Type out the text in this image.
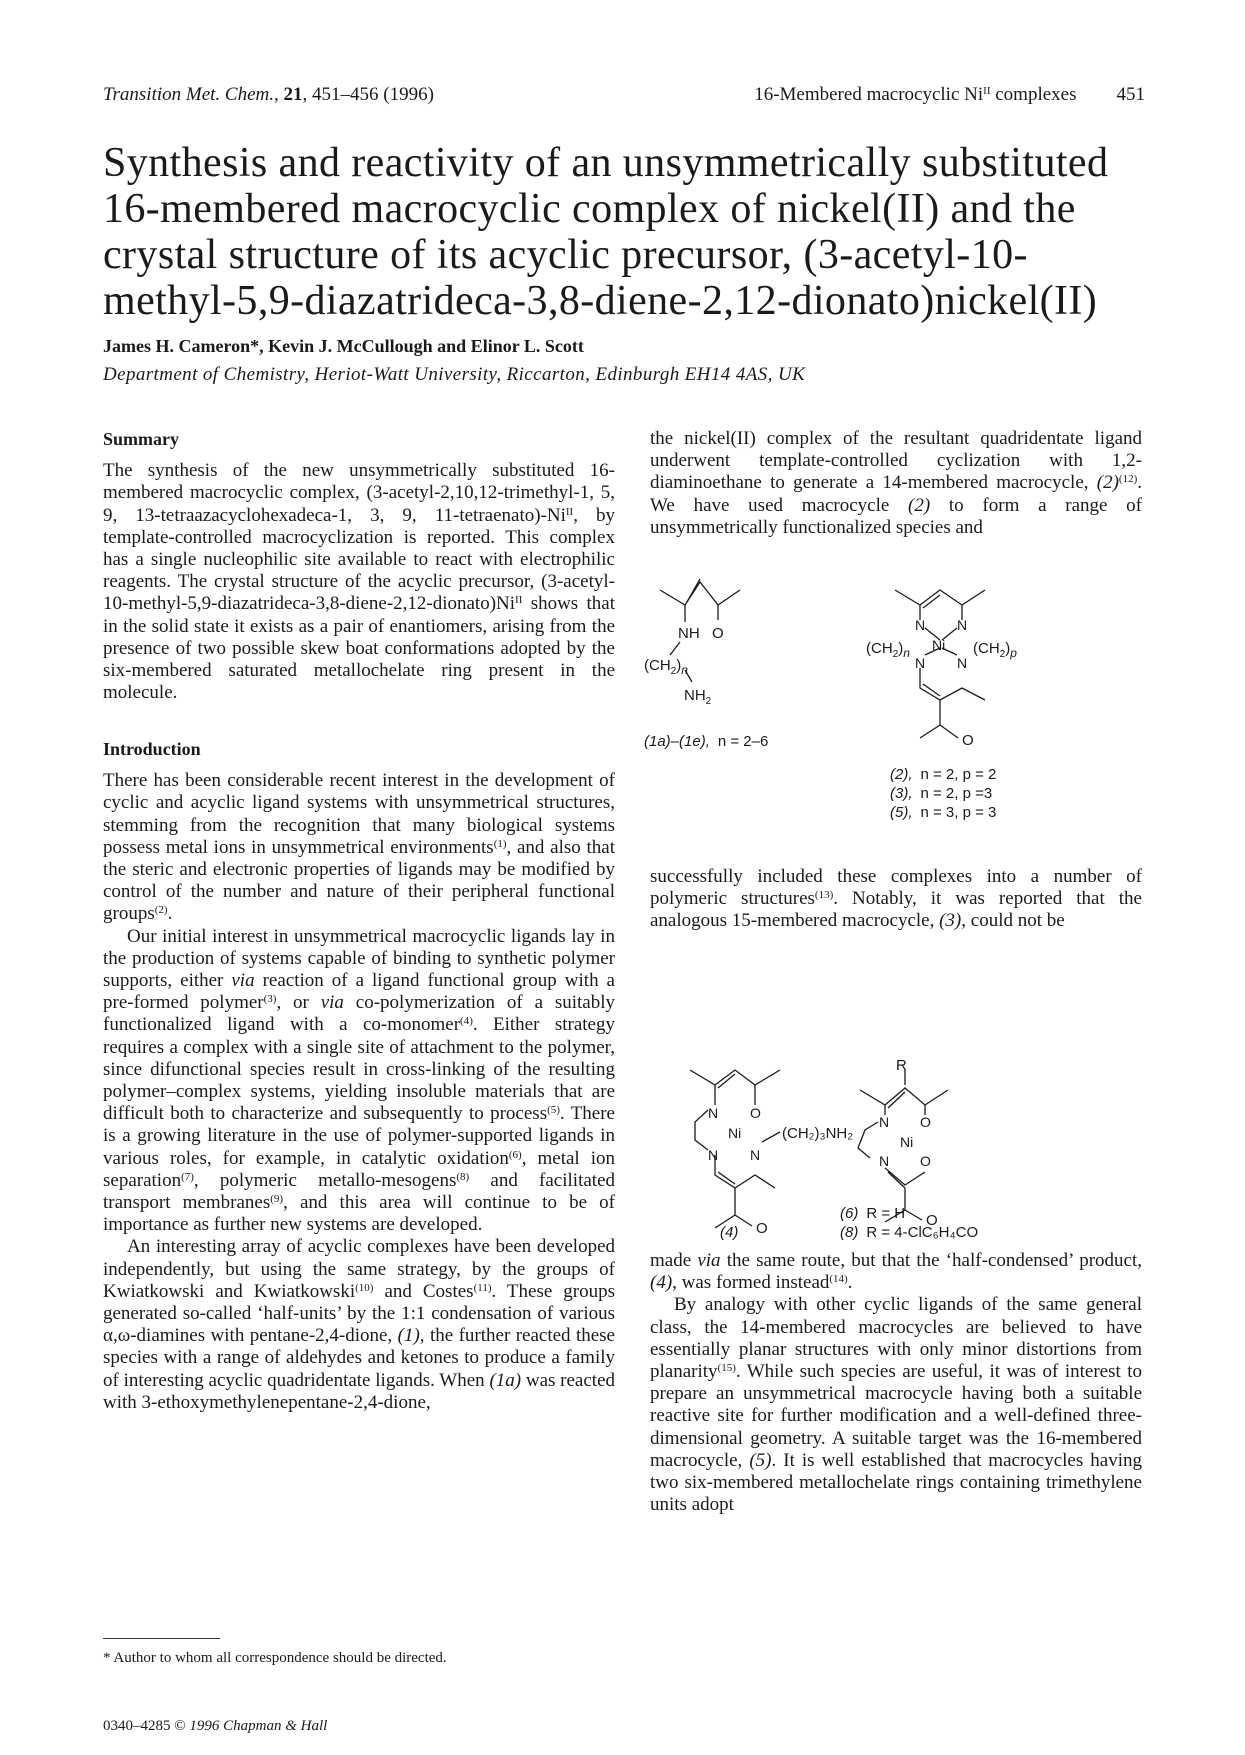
Transition Met. Chem., 21, 451–456 (1996)	16-Membered macrocyclic $Ni^{II}$ complexes 451
Synthesis and reactivity of an unsymmetrically substituted 16-membered macrocyclic complex of nickel(II) and the crystal structure of its acyclic precursor, (3-acetyl-10-methyl-5,9-diazatrideca-3,8-diene-2,12-dionato)nickel(II)
James H. Cameron*, Kevin J. McCullough and Elinor L. Scott
Department of Chemistry, Heriot-Watt University, Riccarton, Edinburgh EH14 4AS, UK

Summary

The synthesis of the new unsymmetrically substituted 16-membered macrocyclic complex, (3-acetyl-2,10,12-trimethyl-1, 5, 9, 13-tetraazacyclohexadeca-1, 3, 9, $11-tetraenato)-Ni^{II}$, by template-controlled macrocyclization is reported. This complex has a single nucleophilic site available to react with electrophilic reagents. The crystal structure of the acyclic precursor, $(3-acetyl-10-methyl-5,9-diazatrideca-3,8-diene-2,12-dionato)Ni^{II}$ shows that in the solid state it exists as a pair of enantiomers, arising from the presence of two possible skew boat conformations adopted by the six-membered saturated metallochelate ring present in the molecule.

Introduction

There has been considerable recent interest in the development of cyclic and acyclic ligand systems with unsymmetrical structures, stemming from the recognition that many biological systems possess metal ions in unsymmetrical environments$^{(1)}$, and also that the steric and electronic properties of ligands may be modified by control of the number and nature of their peripheral functional groups$^{(2)}$.

Our initial interest in unsymmetrical macrocyclic ligands lay in the production of systems capable of binding to synthetic polymer supports, either via reaction of a ligand functional group with a pre-formed polymer$^{(3)}$, or via co-polymerization of a suitably functionalized ligand with a co-monomer$^{(4)}$. Either strategy requires a complex with a single site of attachment to the polymer, since difunctional species result in cross-linking of the resulting polymer–complex systems, yielding insoluble materials that are difficult both to characterize and subsequently to process$^{(5)}$. There is a growing literature in the use of polymer-supported ligands in various roles, for example, in catalytic oxidation$^{(6)}$, metal ion separation$^{(7)}$, polymeric metallo-mesogens$^{(8)}$ and facilitated transport membranes$^{(9)}$, and this area will continue to be of importance as further new systems are developed.

An interesting array of acyclic complexes have been developed independently, but using the same strategy, by the groups of Kwiatkowski and Kwiatkowski$^{(10)}$ and Costes$^{(11)}$. These groups generated so-called ‘half-units’ by the 1:1 condensation of various α,ω-diamines with pentane-2,4-dione, (1), the further reacted these species with a range of aldehydes and ketones to produce a family of interesting acyclic quadridentate ligands. When (1a) was reacted with 3-ethoxymethylenepentane-2,4-dione,

the nickel(II) complex of the resultant quadridentate ligand underwent template-controlled cyclization with 1,2-diaminoethane to generate a 14-membered macrocycle, $(2)^{(12)}$. We have used macrocycle (2) to form a range of unsymmetrically functionalized species and

successfully included these complexes into a number of polymeric structures$^{(13)}$. Notably, it was reported that the analogous 15-membered macrocycle, (3), could not be

made via the same route, but that the ‘half-condensed’ product, (4), was formed instead$^{(14)}$.

By analogy with other cyclic ligands of the same general class, the 14-membered macrocycles are believed to have essentially planar structures with only minor distortions from planarity$^{(15)}$. While such species are useful, it was of interest to prepare an unsymmetrical macrocycle having both a suitable reactive site for further modification and a well-defined three-dimensional geometry. A suitable target was the 16-membered macrocycle, (5). It is well established that macrocycles having two six-membered metallochelate rings containing trimethylene units adopt

NH O
$(CH_2)_n$
$NH_2$
(1a)–(1e), n = 2–6
N N
Ni
N N
$(CH_2)_n$	$(CH_2)_p$
O
(2), n = 2, p = 2
(3), n = 2, p =3
(5), n = 3, p = 3
N O
Ni
N N
(CH₂)₃NH₂
O
R
N O
Ni
N O
O
(4)
(6) R = H
(8) R = 4-ClC₆H₄CO
* Author to whom all correspondence should be directed.
0340–4285 © 1996 Chapman & Hall
